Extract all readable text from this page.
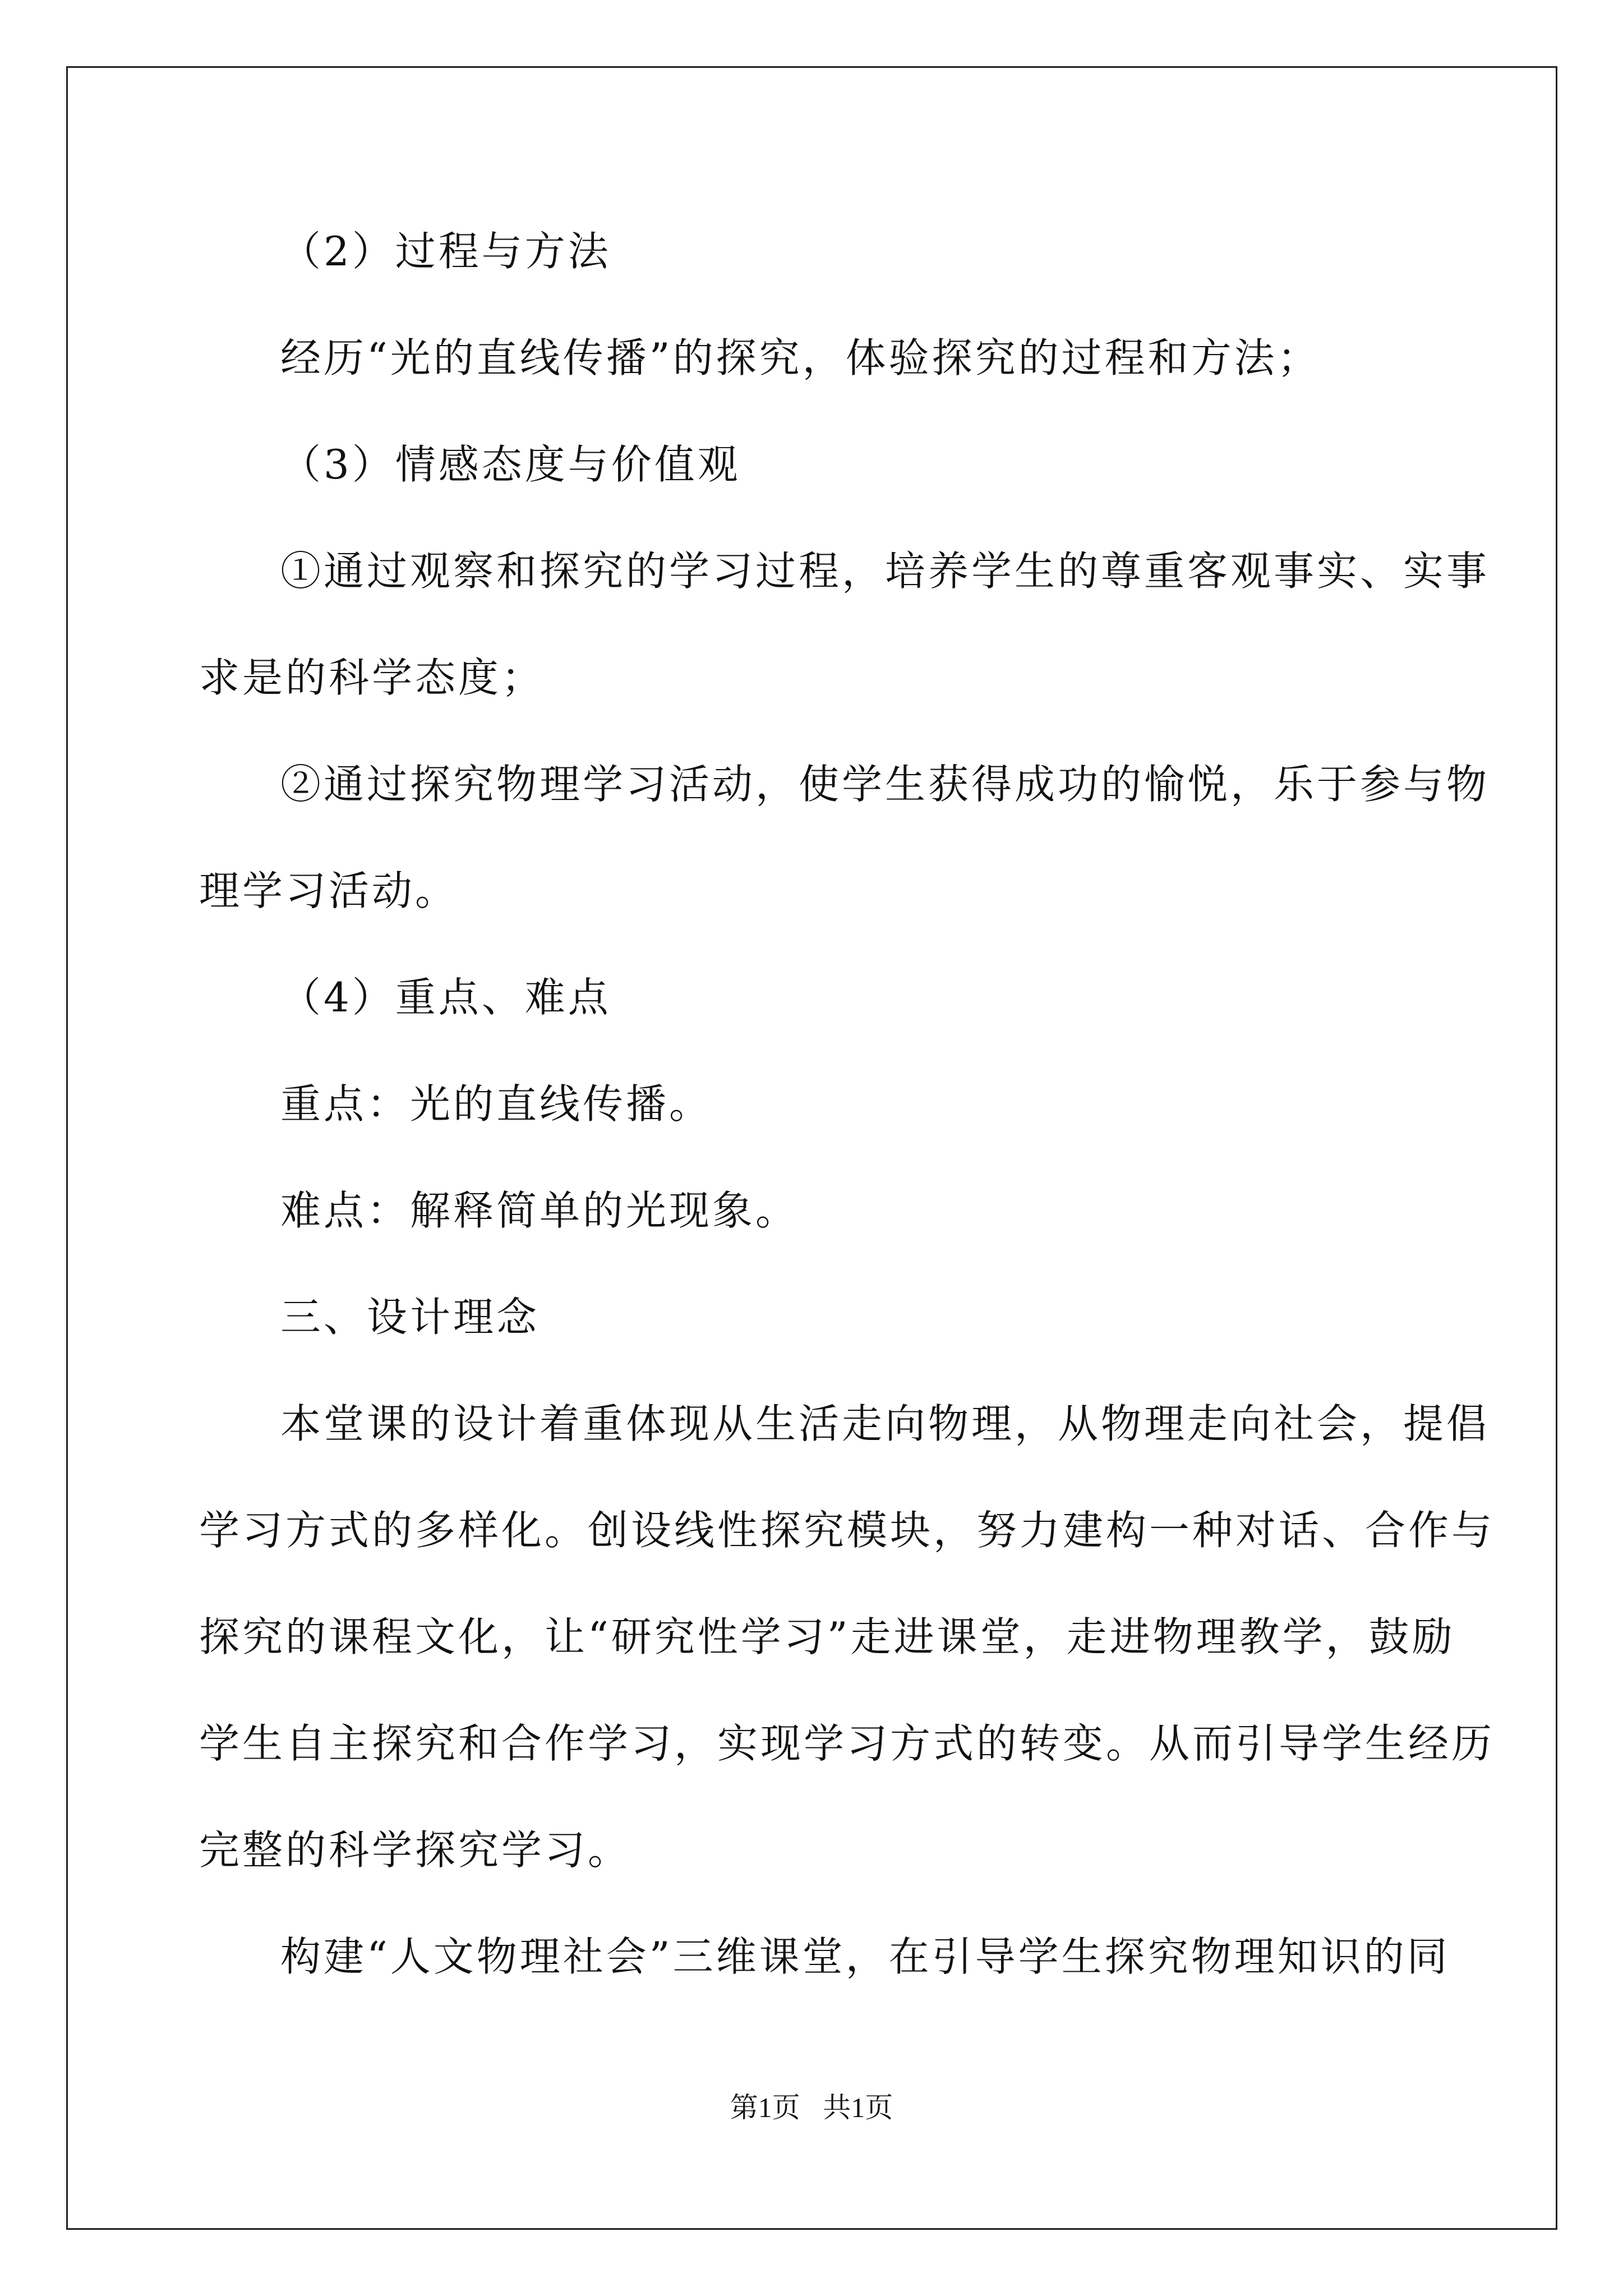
（2）过程与方法
经历“光的直线传播”的探究，体验探究的过程和方法；
（3）情感态度与价值观
①通过观察和探究的学习过程，培养学生的尊重客观事实、实事
求是的科学态度；
②通过探究物理学习活动，使学生获得成功的愉悦，乐于参与物
理学习活动。
（4）重点、难点
重点：光的直线传播。
难点：解释简单的光现象。
三、设计理念
本堂课的设计着重体现从生活走向物理，从物理走向社会，提倡
学习方式的多样化。创设线性探究模块，努力建构一种对话、合作与
探究的课程文化，让“研究性学习”走进课堂，走进物理教学，鼓励
学生自主探究和合作学习，实现学习方式的转变。从而引导学生经历
完整的科学探究学习。
构建“人文物理社会”三维课堂，在引导学生探究物理知识的同
第1页 共1页
